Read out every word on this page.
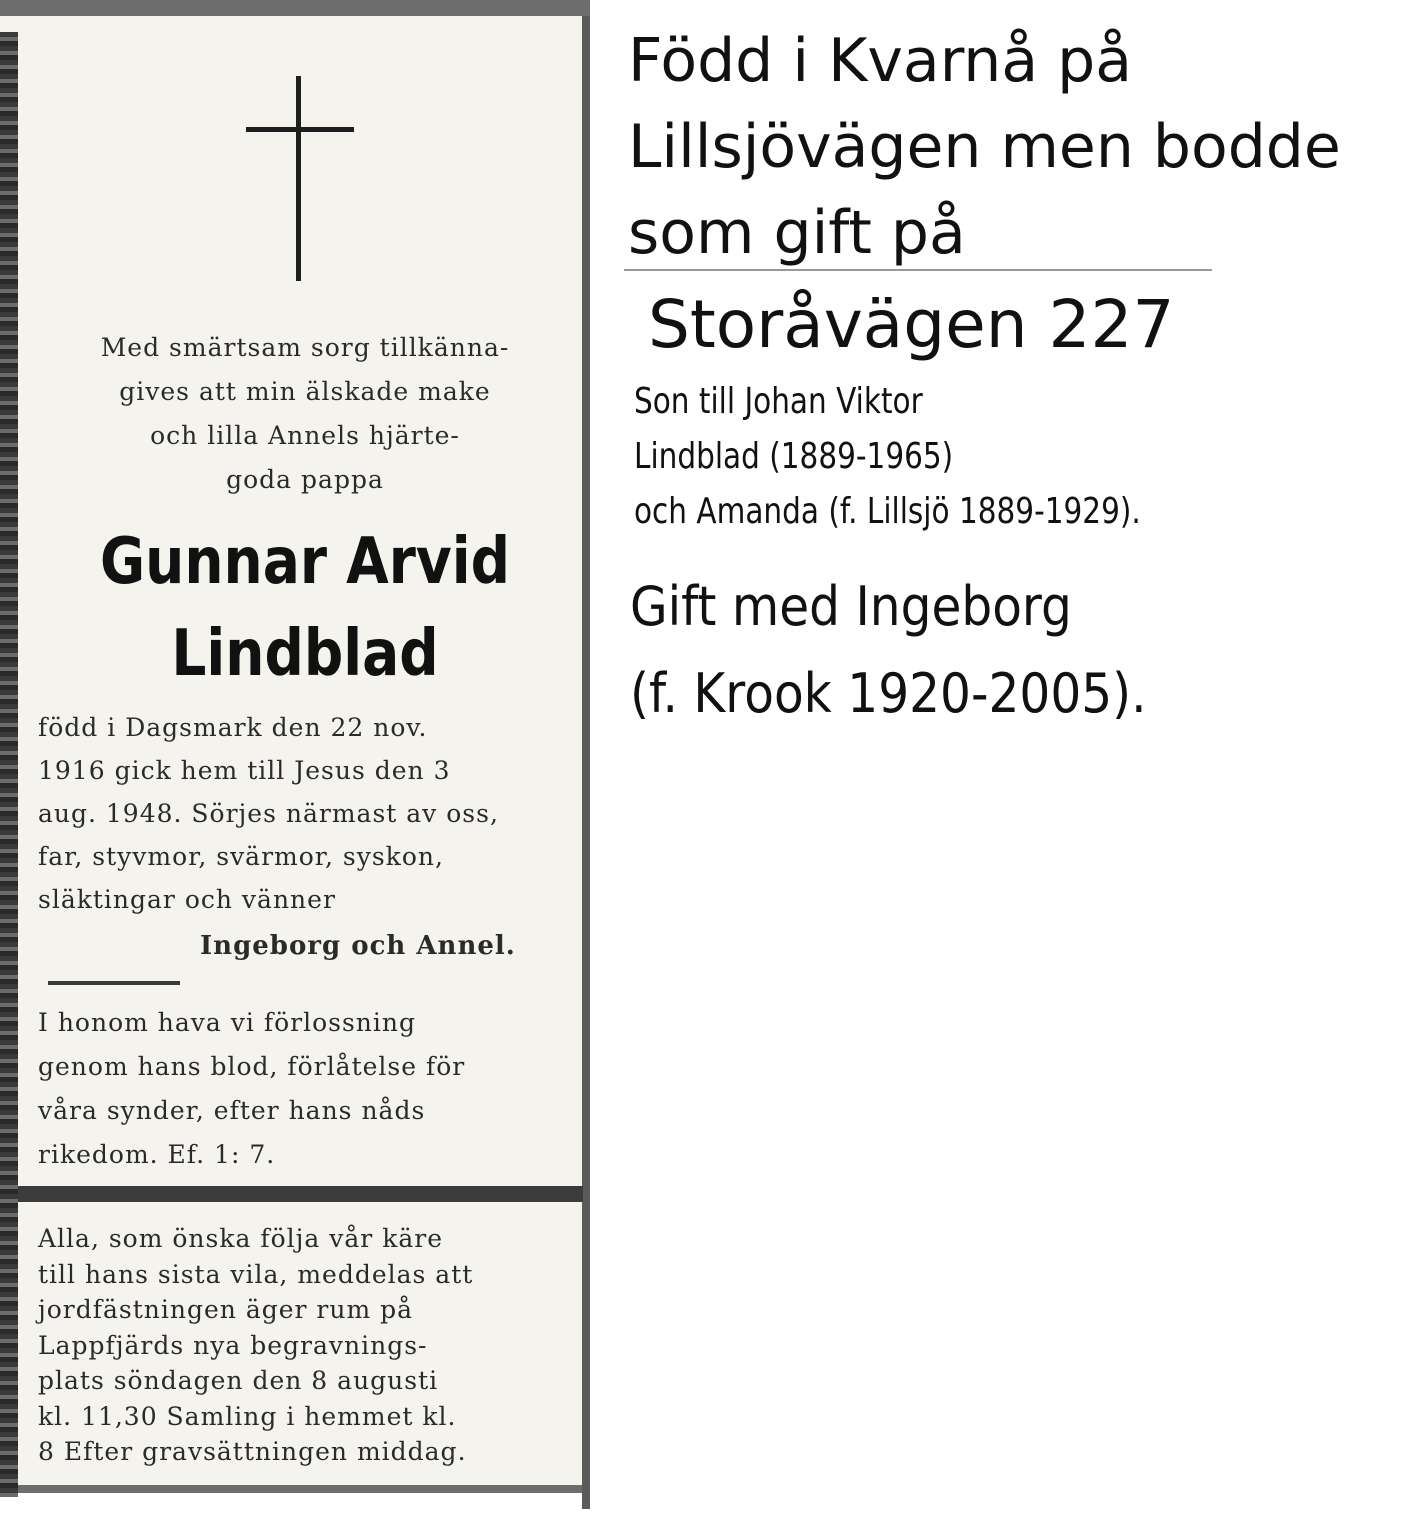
Med smärtsam sorg tillkänna-
gives att min älskade make
och lilla Annels hjärte-
goda pappa

Gunnar Arvid
Lindblad

född i Dagsmark den 22 nov.
1916 gick hem till Jesus den 3
aug. 1948. Sörjes närmast av oss,
far, styvmor, svärmor, syskon,
släktingar och vänner

Ingeborg och Annel.

I honom hava vi förlossning
genom hans blod, förlåtelse för
våra synder, efter hans nåds
rikedom. Ef. 1: 7.

Alla, som önska följa vår käre
till hans sista vila, meddelas att
jordfästningen äger rum på
Lappfjärds nya begravnings-
plats söndagen den 8 augusti
kl. 11,30 Samling i hemmet kl.
8 Efter gravsättningen middag.

Född i Kvarnå på
Lillsjövägen men bodde
som gift på

Storåvägen 227

Son till Johan Viktor
Lindblad (1889-1965)
och Amanda (f. Lillsjö 1889-1929).

Gift med Ingeborg
(f. Krook 1920-2005).
